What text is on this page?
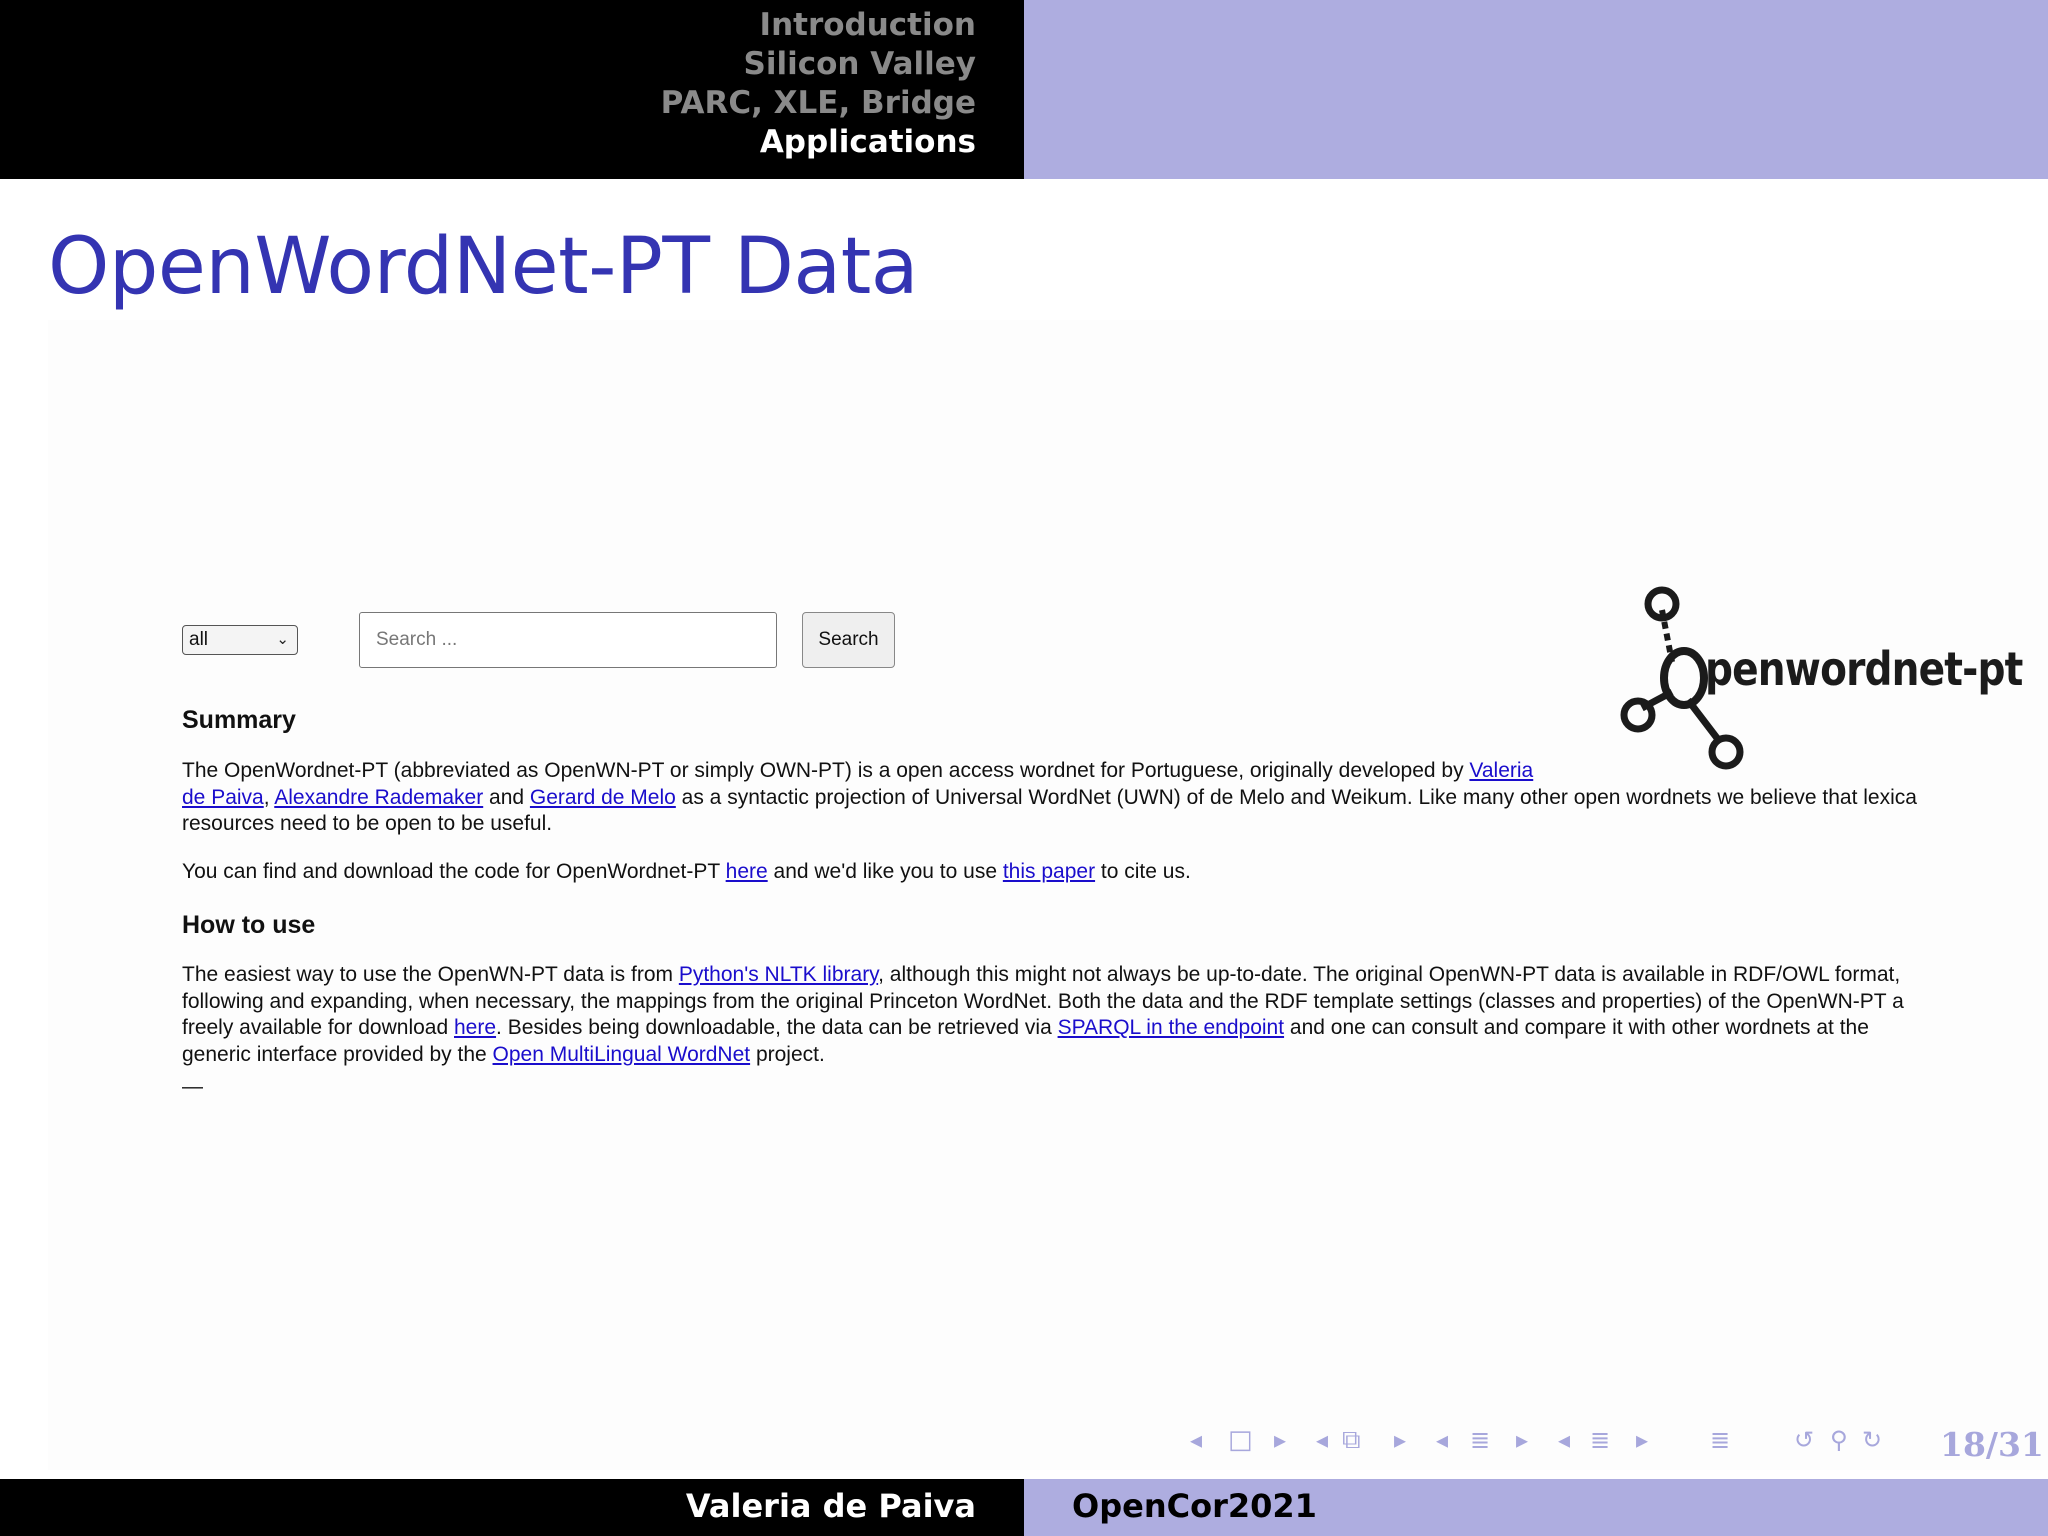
Introduction
Silicon Valley
PARC, XLE, Bridge
Applications
OpenWordNet-PT Data
all	⌄
Search ...	Search
penwordnet-pt
Summary

The OpenWordnet-PT (abbreviated as OpenWN-PT or simply OWN-PT) is a open access wordnet for Portuguese, originally developed by Valeria
de Paiva, Alexandre Rademaker and Gerard de Melo as a syntactic projection of Universal WordNet (UWN) of de Melo and Weikum. Like many other open wordnets we believe that lexica
resources need to be open to be useful.

You can find and download the code for OpenWordnet-PT here and we'd like you to use this paper to cite us.

How to use

The easiest way to use the OpenWN-PT data is from Python's NLTK library, although this might not always be up-to-date. The original OpenWN-PT data is available in RDF/OWL format,
following and expanding, when necessary, the mappings from the original Princeton WordNet. Both the data and the RDF template settings (classes and properties) of the OpenWN-PT a
freely available for download here. Besides being downloadable, the data can be retrieved via SPARQL in the endpoint and one can consult and compare it with other wordnets at the
generic interface provided by the Open MultiLingual WordNet project.

—

◂ □ ▸ ◂ ⧉ ▸ ◂ ≣ ▸ ◂ ≣ ▸	≣	↺ ⚲ ↻ 18/31
Valeria de Paiva	OpenCor2021
